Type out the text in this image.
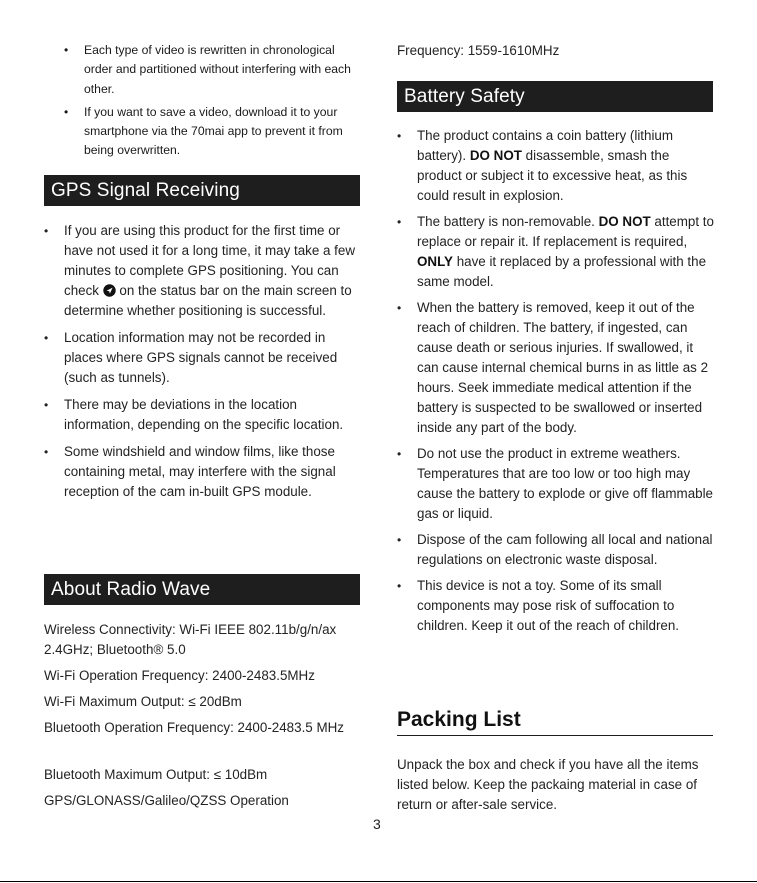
• Each type of video is rewritten in chronological order and partitioned without interfering with each other.
• If you want to save a video, download it to your smartphone via the 70mai app to prevent it from being overwritten.
GPS Signal Receiving
• If you are using this product for the first time or have not used it for a long time, it may take a few minutes to complete GPS positioning. You can check  on the status bar on the main screen to determine whether positioning is successful.
• Location information may not be recorded in places where GPS signals cannot be received (such as tunnels).
• There may be deviations in the location information, depending on the specific location.
• Some windshield and window films, like those containing metal, may interfere with the signal reception of the cam in-built GPS module.
About Radio Wave

Wireless Connectivity: Wi-Fi IEEE 802.11b/g/n/ax 2.4GHz; Bluetooth® 5.0

Wi-Fi Operation Frequency: 2400-2483.5MHz

Wi-Fi Maximum Output: ≤ 20dBm

Bluetooth Operation Frequency: 2400-2483.5 MHz

Bluetooth Maximum Output: ≤ 10dBm

GPS/GLONASS/Galileo/QZSS Operation

Frequency: 1559-1610MHz

Battery Safety
• The product contains a coin battery (lithium battery). DO NOT disassemble, smash the product or subject it to excessive heat, as this could result in explosion.
• The battery is non-removable. DO NOT attempt to replace or repair it. If replacement is required, ONLY have it replaced by a professional with the same model.
• When the battery is removed, keep it out of the reach of children. The battery, if ingested, can cause death or serious injuries. If swallowed, it can cause internal chemical burns in as little as 2 hours. Seek immediate medical attention if the battery is suspected to be swallowed or inserted inside any part of the body.
• Do not use the product in extreme weathers. Temperatures that are too low or too high may cause the battery to explode or give off flammable gas or liquid.
• Dispose of the cam following all local and national regulations on electronic waste disposal.
• This device is not a toy. Some of its small components may pose risk of suffocation to children. Keep it out of the reach of children.
Packing List

Unpack the box and check if you have all the items listed below. Keep the packaing material in case of return or after-sale service.

3
